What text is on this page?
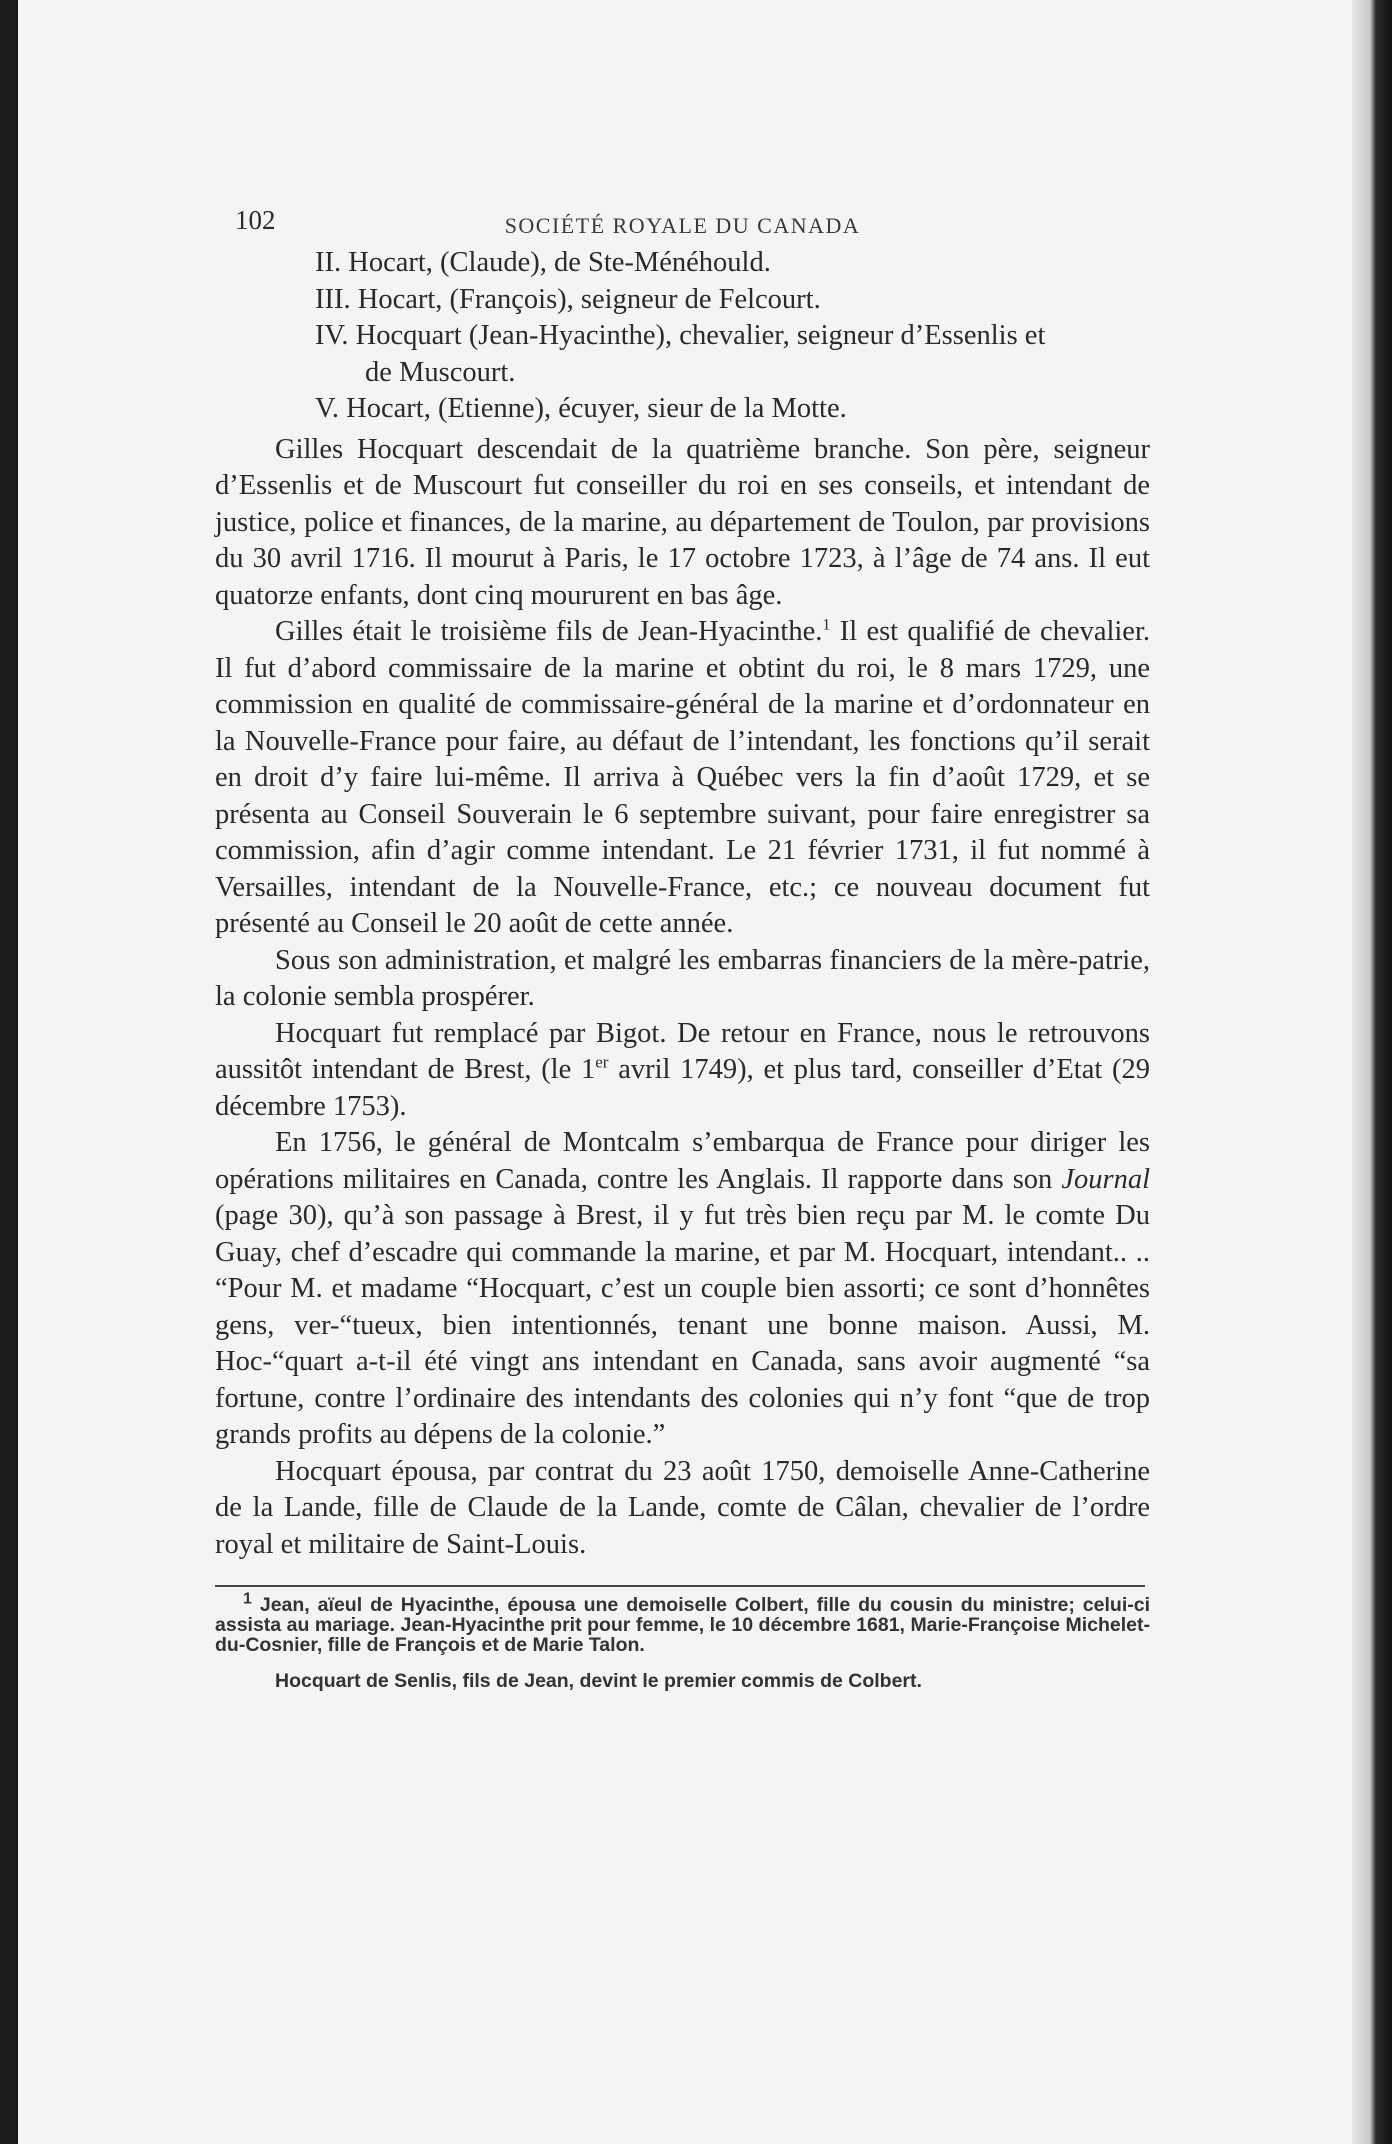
102	SOCIÉTÉ ROYALE DU CANADA

II. Hocart, (Claude), de Ste-Ménéhould.

III. Hocart, (François), seigneur de Felcourt.

IV. Hocquart (Jean-Hyacinthe), chevalier, seigneur d’Essenlis et
de Muscourt.

V. Hocart, (Etienne), écuyer, sieur de la Motte.

Gilles Hocquart descendait de la quatrième branche. Son père, seigneur d’Essenlis et de Muscourt fut conseiller du roi en ses conseils, et intendant de justice, police et finances, de la marine, au département de Toulon, par provisions du 30 avril 1716. Il mourut à Paris, le 17 octobre 1723, à l’âge de 74 ans. Il eut quatorze enfants, dont cinq moururent en bas âge.

Gilles était le troisième fils de Jean-Hyacinthe.$^1$ Il est qualifié de chevalier. Il fut d’abord commissaire de la marine et obtint du roi, le 8 mars 1729, une commission en qualité de commissaire-général de la marine et d’ordonnateur en la Nouvelle-France pour faire, au défaut de l’intendant, les fonctions qu’il serait en droit d’y faire lui-même. Il arriva à Québec vers la fin d’août 1729, et se présenta au Conseil Souverain le 6 septembre suivant, pour faire enregistrer sa commission, afin d’agir comme intendant. Le 21 février 1731, il fut nommé à Versailles, intendant de la Nouvelle-France, etc.; ce nouveau document fut présenté au Conseil le 20 août de cette année.

Sous son administration, et malgré les embarras financiers de la mère-patrie, la colonie sembla prospérer.

Hocquart fut remplacé par Bigot. De retour en France, nous le retrouvons aussitôt intendant de Brest, (le 1er avril 1749), et plus tard, conseiller d’Etat (29 décembre 1753).

En 1756, le général de Montcalm s’embarqua de France pour diriger les opérations militaires en Canada, contre les Anglais. Il rapporte dans son Journal (page 30), qu’à son passage à Brest, il y fut très bien reçu par M. le comte Du Guay, chef d’escadre qui commande la marine, et par M. Hocquart, intendant.. .. “Pour M. et madame “Hocquart, c’est un couple bien assorti; ce sont d’honnêtes gens, ver-“tueux, bien intentionnés, tenant une bonne maison. Aussi, M. Hoc-“quart a-t-il été vingt ans intendant en Canada, sans avoir augmenté “sa fortune, contre l’ordinaire des intendants des colonies qui n’y font “que de trop grands profits au dépens de la colonie.”

Hocquart épousa, par contrat du 23 août 1750, demoiselle Anne-Catherine de la Lande, fille de Claude de la Lande, comte de Câlan, chevalier de l’ordre royal et militaire de Saint-Louis.

$^1$ Jean, aïeul de Hyacinthe, épousa une demoiselle Colbert, fille du cousin du ministre; celui-ci assista au mariage. Jean-Hyacinthe prit pour femme, le 10 décembre 1681, Marie-Françoise Michelet-du-Cosnier, fille de François et de Marie Talon.

Hocquart de Senlis, fils de Jean, devint le premier commis de Colbert.
